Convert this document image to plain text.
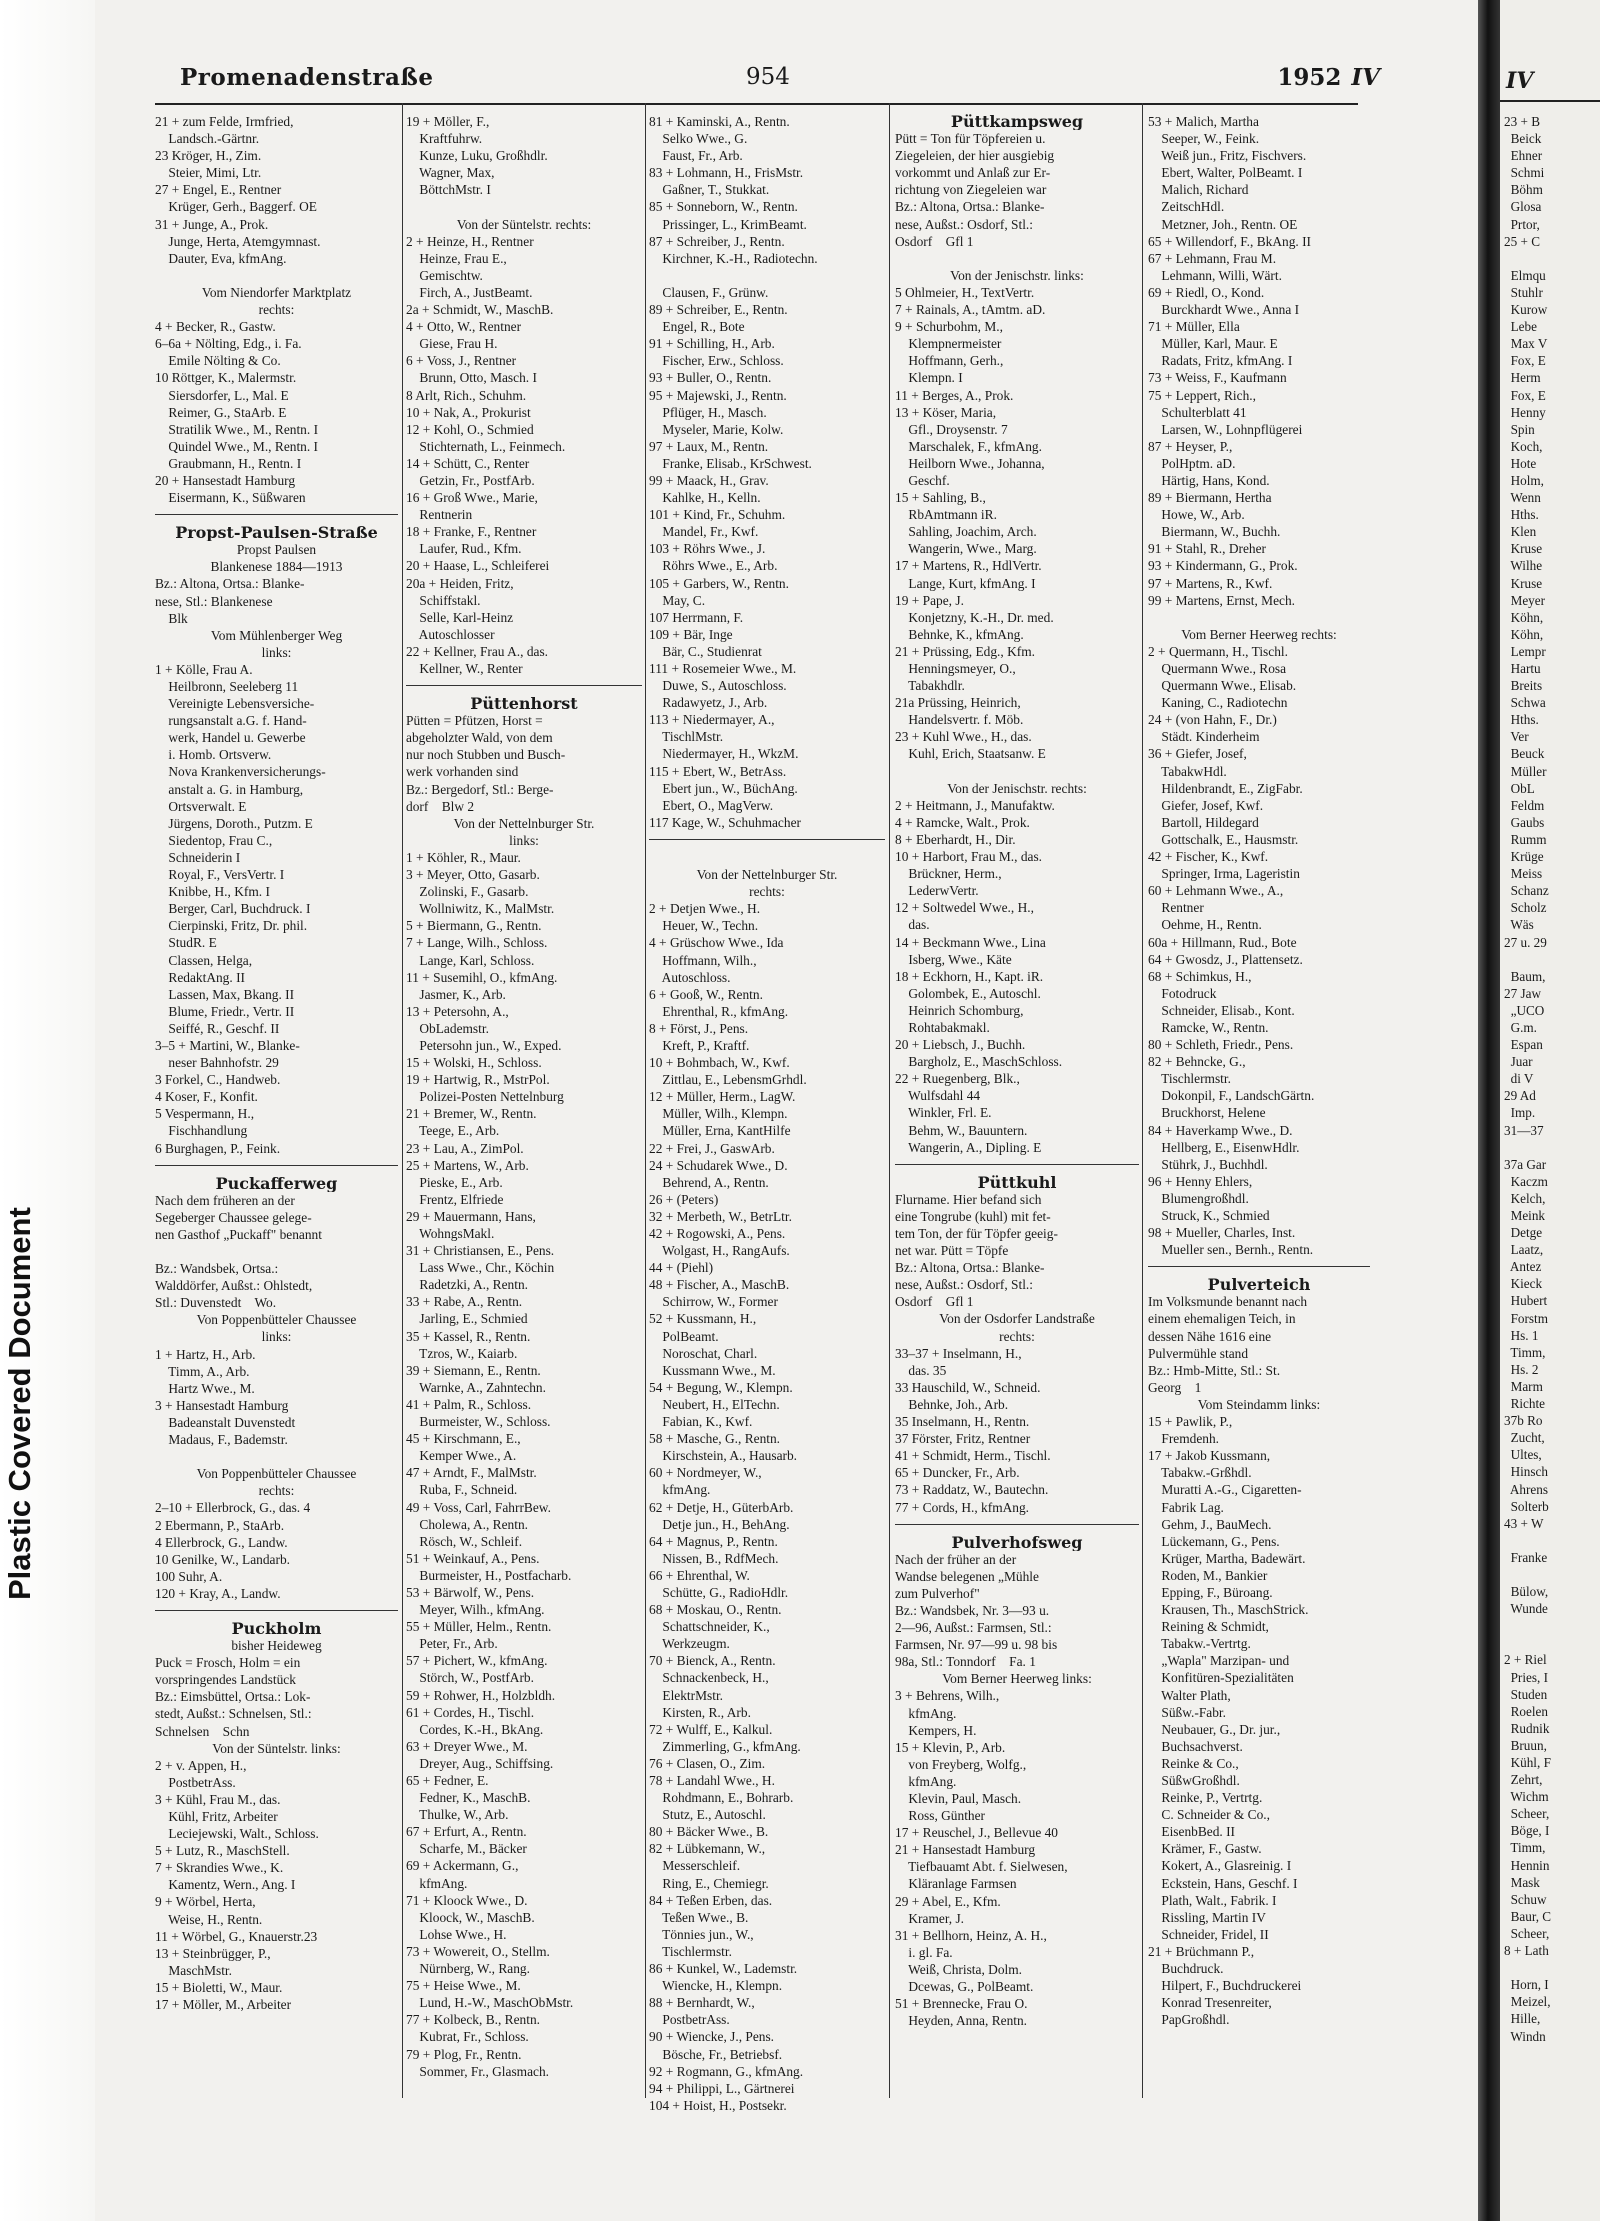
Plastic Covered Document
Promenadenstraße	954	1952 IV
21 + zum Felde, Irmfried,
Landsch.-Gärtnr.
23 Kröger, H., Zim.
Steier, Mimi, Ltr.
27 + Engel, E., Rentner
Krüger, Gerh., Baggerf. OE
31 + Junge, A., Prok.
Junge, Herta, Atemgymnast.
Dauter, Eva, kfmAng.
Vom Niendorfer Marktplatz
rechts:
4 + Becker, R., Gastw.
6–6a + Nölting, Edg., i. Fa.
Emile Nölting & Co.
10 Röttger, K., Malermstr.
Siersdorfer, L., Mal. E
Reimer, G., StaArb. E
Stratilik Wwe., M., Rentn. I
Quindel Wwe., M., Rentn. I
Graubmann, H., Rentn. I
20 + Hansestadt Hamburg
Eisermann, K., Süßwaren
Propst-Paulsen-Straße
Propst Paulsen
Blankenese 1884—1913
Bz.: Altona, Ortsa.: Blanke-
nese, Stl.: Blankenese
Blk
Vom Mühlenberger Weg
links:
1 + Kölle, Frau A.
Heilbronn, Seeleberg 11
Vereinigte Lebensversiche-
rungsanstalt a.G. f. Hand-
werk, Handel u. Gewerbe
i. Homb. Ortsverw.
Nova Krankenversicherungs-
anstalt a. G. in Hamburg,
Ortsverwalt. E
Jürgens, Doroth., Putzm. E
Siedentop, Frau C.,
Schneiderin I
Royal, F., VersVertr. I
Knibbe, H., Kfm. I
Berger, Carl, Buchdruck. I
Cierpinski, Fritz, Dr. phil.
StudR. E
Classen, Helga,
RedaktAng. II
Lassen, Max, Bkang. II
Blume, Friedr., Vertr. II
Seiffé, R., Geschf. II
3–5 + Martini, W., Blanke-
neser Bahnhofstr. 29
3 Forkel, C., Handweb.
4 Koser, F., Konfit.
5 Vespermann, H.,
Fischhandlung
6 Burghagen, P., Feink.
Puckafferweg
Nach dem früheren an der
Segeberger Chaussee gelege-
nen Gasthof „Puckaff" benannt
Bz.: Wandsbek, Ortsa.:
Walddörfer, Außst.: Ohlstedt,
Stl.: Duvenstedt    Wo.
Von Poppenbütteler Chaussee
links:
1 + Hartz, H., Arb.
Timm, A., Arb.
Hartz Wwe., M.
3 + Hansestadt Hamburg
Badeanstalt Duvenstedt
Madaus, F., Bademstr.
Von Poppenbütteler Chaussee
rechts:
2–10 + Ellerbrock, G., das. 4
2 Ebermann, P., StaArb.
4 Ellerbrock, G., Landw.
10 Genilke, W., Landarb.
100 Suhr, A.
120 + Kray, A., Landw.
Puckholm
bisher Heideweg
Puck = Frosch, Holm = ein
vorspringendes Landstück
Bz.: Eimsbüttel, Ortsa.: Lok-
stedt, Außst.: Schnelsen, Stl.:
Schnelsen    Schn
Von der Süntelstr. links:
2 + v. Appen, H.,
PostbetrAss.
3 + Kühl, Frau M., das.
Kühl, Fritz, Arbeiter
Leciejewski, Walt., Schloss.
5 + Lutz, R., MaschStell.
7 + Skrandies Wwe., K.
Kamentz, Wern., Ang. I
9 + Wörbel, Herta,
Weise, H., Rentn.
11 + Wörbel, G., Knauerstr.23
13 + Steinbrügger, P.,
MaschMstr.
15 + Bioletti, W., Maur.
17 + Möller, M., Arbeiter
19 + Möller, F.,
Kraftfuhrw.
Kunze, Luku, Großhdlr.
Wagner, Max,
BöttchMstr. I
Von der Süntelstr. rechts:
2 + Heinze, H., Rentner
Heinze, Frau E.,
Gemischtw.
Firch, A., JustBeamt.
2a + Schmidt, W., MaschB.
4 + Otto, W., Rentner
Giese, Frau H.
6 + Voss, J., Rentner
Brunn, Otto, Masch. I
8 Arlt, Rich., Schuhm.
10 + Nak, A., Prokurist
12 + Kohl, O., Schmied
Stichternath, L., Feinmech.
14 + Schütt, C., Renter
Getzin, Fr., PostfArb.
16 + Groß Wwe., Marie,
Rentnerin
18 + Franke, F., Rentner
Laufer, Rud., Kfm.
20 + Haase, L., Schleiferei
20a + Heiden, Fritz,
Schiffstakl.
Selle, Karl-Heinz
Autoschlosser
22 + Kellner, Frau A., das.
Kellner, W., Renter
Püttenhorst
Pütten = Pfützen, Horst =
abgeholzter Wald, von dem
nur noch Stubben und Busch-
werk vorhanden sind
Bz.: Bergedorf, Stl.: Berge-
dorf    Blw 2
Von der Nettelnburger Str.
links:
1 + Köhler, R., Maur.
3 + Meyer, Otto, Gasarb.
Zolinski, F., Gasarb.
Wollniwitz, K., MalMstr.
5 + Biermann, G., Rentn.
7 + Lange, Wilh., Schloss.
Lange, Karl, Schloss.
11 + Susemihl, O., kfmAng.
Jasmer, K., Arb.
13 + Petersohn, A.,
ObLademstr.
Petersohn jun., W., Exped.
15 + Wolski, H., Schloss.
19 + Hartwig, R., MstrPol.
Polizei-Posten Nettelnburg
21 + Bremer, W., Rentn.
Teege, E., Arb.
23 + Lau, A., ZimPol.
25 + Martens, W., Arb.
Pieske, E., Arb.
Frentz, Elfriede
29 + Mauermann, Hans,
WohngsMakl.
31 + Christiansen, E., Pens.
Lass Wwe., Chr., Köchin
Radetzki, A., Rentn.
33 + Rabe, A., Rentn.
Jarling, E., Schmied
35 + Kassel, R., Rentn.
Tzros, W., Kaiarb.
39 + Siemann, E., Rentn.
Warnke, A., Zahntechn.
41 + Palm, R., Schloss.
Burmeister, W., Schloss.
45 + Kirschmann, E.,
Kemper Wwe., A.
47 + Arndt, F., MalMstr.
Ruba, F., Schneid.
49 + Voss, Carl, FahrrBew.
Cholewa, A., Rentn.
Rösch, W., Schleif.
51 + Weinkauf, A., Pens.
Burmeister, H., Postfacharb.
53 + Bärwolf, W., Pens.
Meyer, Wilh., kfmAng.
55 + Müller, Helm., Rentn.
Peter, Fr., Arb.
57 + Pichert, W., kfmAng.
Störch, W., PostfArb.
59 + Rohwer, H., Holzbldh.
61 + Cordes, H., Tischl.
Cordes, K.-H., BkAng.
63 + Dreyer Wwe., M.
Dreyer, Aug., Schiffsing.
65 + Fedner, E.
Fedner, K., MaschB.
Thulke, W., Arb.
67 + Erfurt, A., Rentn.
Scharfe, M., Bäcker
69 + Ackermann, G.,
kfmAng.
71 + Kloock Wwe., D.
Kloock, W., MaschB.
Lohse Wwe., H.
73 + Wowereit, O., Stellm.
Nürnberg, W., Rang.
75 + Heise Wwe., M.
Lund, H.-W., MaschObMstr.
77 + Kolbeck, B., Rentn.
Kubrat, Fr., Schloss.
79 + Plog, Fr., Rentn.
Sommer, Fr., Glasmach.
81 + Kaminski, A., Rentn.
Selko Wwe., G.
Faust, Fr., Arb.
83 + Lohmann, H., FrisMstr.
Gaßner, T., Stukkat.
85 + Sonneborn, W., Rentn.
Prissinger, L., KrimBeamt.
87 + Schreiber, J., Rentn.
Kirchner, K.-H., Radiotechn.
Clausen, F., Grünw.
89 + Schreiber, E., Rentn.
Engel, R., Bote
91 + Schilling, H., Arb.
Fischer, Erw., Schloss.
93 + Buller, O., Rentn.
95 + Majewski, J., Rentn.
Pflüger, H., Masch.
Myseler, Marie, Kolw.
97 + Laux, M., Rentn.
Franke, Elisab., KrSchwest.
99 + Maack, H., Grav.
Kahlke, H., Kelln.
101 + Kind, Fr., Schuhm.
Mandel, Fr., Kwf.
103 + Röhrs Wwe., J.
Röhrs Wwe., E., Arb.
105 + Garbers, W., Rentn.
May, C.
107 Herrmann, F.
109 + Bär, Inge
Bär, C., Studienrat
111 + Rosemeier Wwe., M.
Duwe, S., Autoschloss.
Radawyetz, J., Arb.
113 + Niedermayer, A.,
TischlMstr.
Niedermayer, H., WkzM.
115 + Ebert, W., BetrAss.
Ebert jun., W., BüchAng.
Ebert, O., MagVerw.
117 Kage, W., Schuhmacher
Von der Nettelnburger Str.
rechts:
2 + Detjen Wwe., H.
Heuer, W., Techn.
4 + Grüschow Wwe., Ida
Hoffmann, Wilh.,
Autoschloss.
6 + Gooß, W., Rentn.
Ehrenthal, R., kfmAng.
8 + Först, J., Pens.
Kreft, P., Kraftf.
10 + Bohmbach, W., Kwf.
Zittlau, E., LebensmGrhdl.
12 + Müller, Herm., LagW.
Müller, Wilh., Klempn.
Müller, Erna, KantHilfe
22 + Frei, J., GaswArb.
24 + Schudarek Wwe., D.
Behrend, A., Rentn.
26 + (Peters)
32 + Merbeth, W., BetrLtr.
42 + Rogowski, A., Pens.
Wolgast, H., RangAufs.
44 + (Piehl)
48 + Fischer, A., MaschB.
Schirrow, W., Former
52 + Kussmann, H.,
PolBeamt.
Noroschat, Charl.
Kussmann Wwe., M.
54 + Begung, W., Klempn.
Neubert, H., ElTechn.
Fabian, K., Kwf.
58 + Masche, G., Rentn.
Kirschstein, A., Hausarb.
60 + Nordmeyer, W.,
kfmAng.
62 + Detje, H., GüterbArb.
Detje jun., H., BehAng.
64 + Magnus, P., Rentn.
Nissen, B., RdfMech.
66 + Ehrenthal, W.
Schütte, G., RadioHdlr.
68 + Moskau, O., Rentn.
Schattschneider, K.,
Werkzeugm.
70 + Bienck, A., Rentn.
Schnackenbeck, H.,
ElektrMstr.
Kirsten, R., Arb.
72 + Wulff, E., Kalkul.
Zimmerling, G., kfmAng.
76 + Clasen, O., Zim.
78 + Landahl Wwe., H.
Rohdmann, E., Bohrarb.
Stutz, E., Autoschl.
80 + Bäcker Wwe., B.
82 + Lübkemann, W.,
Messerschleif.
Ring, E., Chemiegr.
84 + Teßen Erben, das.
Teßen Wwe., B.
Tönnies jun., W.,
Tischlermstr.
86 + Kunkel, W., Lademstr.
Wiencke, H., Klempn.
88 + Bernhardt, W.,
PostbetrAss.
90 + Wiencke, J., Pens.
Bösche, Fr., Betriebsf.
92 + Rogmann, G., kfmAng.
94 + Philippi, L., Gärtnerei
104 + Hoist, H., Postsekr.
Püttkampsweg
Pütt = Ton für Töpfereien u.
Ziegeleien, der hier ausgiebig
vorkommt und Anlaß zur Er-
richtung von Ziegeleien war
Bz.: Altona, Ortsa.: Blanke-
nese, Außst.: Osdorf, Stl.:
Osdorf    Gfl 1
Von der Jenischstr. links:
5 Ohlmeier, H., TextVertr.
7 + Rainals, A., tAmtm. aD.
9 + Schurbohm, M.,
Klempnermeister
Hoffmann, Gerh.,
Klempn. I
11 + Berges, A., Prok.
13 + Köser, Maria,
Gfl., Droysenstr. 7
Marschalek, F., kfmAng.
Heilborn Wwe., Johanna,
Geschf.
15 + Sahling, B.,
RbAmtmann iR.
Sahling, Joachim, Arch.
Wangerin, Wwe., Marg.
17 + Martens, R., HdlVertr.
Lange, Kurt, kfmAng. I
19 + Pape, J.
Konjetzny, K.-H., Dr. med.
Behnke, K., kfmAng.
21 + Prüssing, Edg., Kfm.
Henningsmeyer, O.,
Tabakhdlr.
21a Prüssing, Heinrich,
Handelsvertr. f. Möb.
23 + Kuhl Wwe., H., das.
Kuhl, Erich, Staatsanw. E
Von der Jenischstr. rechts:
2 + Heitmann, J., Manufaktw.
4 + Ramcke, Walt., Prok.
8 + Eberhardt, H., Dir.
10 + Harbort, Frau M., das.
Brückner, Herm.,
LederwVertr.
12 + Soltwedel Wwe., H.,
das.
14 + Beckmann Wwe., Lina
Isberg, Wwe., Käte
18 + Eckhorn, H., Kapt. iR.
Golombek, E., Autoschl.
Heinrich Schomburg,
Rohtabakmakl.
20 + Liebsch, J., Buchh.
Bargholz, E., MaschSchloss.
22 + Ruegenberg, Blk.,
Wulfsdahl 44
Winkler, Frl. E.
Behm, W., Bauuntern.
Wangerin, A., Dipling. E
Püttkuhl
Flurname. Hier befand sich
eine Tongrube (kuhl) mit fet-
tem Ton, der für Töpfer geeig-
net war. Pütt = Töpfe
Bz.: Altona, Ortsa.: Blanke-
nese, Außst.: Osdorf, Stl.:
Osdorf    Gfl 1
Von der Osdorfer Landstraße
rechts:
33–37 + Inselmann, H.,
das. 35
33 Hauschild, W., Schneid.
Behnke, Joh., Arb.
35 Inselmann, H., Rentn.
37 Förster, Fritz, Rentner
41 + Schmidt, Herm., Tischl.
65 + Duncker, Fr., Arb.
73 + Raddatz, W., Bautechn.
77 + Cords, H., kfmAng.
Pulverhofsweg
Nach der früher an der
Wandse belegenen „Mühle
zum Pulverhof"
Bz.: Wandsbek, Nr. 3—93 u.
2—96, Außst.: Farmsen, Stl.:
Farmsen, Nr. 97—99 u. 98 bis
98a, Stl.: Tonndorf    Fa. 1
Vom Berner Heerweg links:
3 + Behrens, Wilh.,
kfmAng.
Kempers, H.
15 + Klevin, P., Arb.
von Freyberg, Wolfg.,
kfmAng.
Klevin, Paul, Masch.
Ross, Günther
17 + Reuschel, J., Bellevue 40
21 + Hansestadt Hamburg
Tiefbauamt Abt. f. Sielwesen,
Kläranlage Farmsen
29 + Abel, E., Kfm.
Kramer, J.
31 + Bellhorn, Heinz, A. H.,
i. gl. Fa.
Weiß, Christa, Dolm.
Dcewas, G., PolBeamt.
51 + Brennecke, Frau O.
Heyden, Anna, Rentn.
53 + Malich, Martha
Seeper, W., Feink.
Weiß jun., Fritz, Fischvers.
Ebert, Walter, PolBeamt. I
Malich, Richard
ZeitschHdl.
Metzner, Joh., Rentn. OE
65 + Willendorf, F., BkAng. II
67 + Lehmann, Frau M.
Lehmann, Willi, Wärt.
69 + Riedl, O., Kond.
Burckhardt Wwe., Anna I
71 + Müller, Ella
Müller, Karl, Maur. E
Radats, Fritz, kfmAng. I
73 + Weiss, F., Kaufmann
75 + Leppert, Rich.,
Schulterblatt 41
Larsen, W., Lohnpflügerei
87 + Heyser, P.,
PolHptm. aD.
Härtig, Hans, Kond.
89 + Biermann, Hertha
Howe, W., Arb.
Biermann, W., Buchh.
91 + Stahl, R., Dreher
93 + Kindermann, G., Prok.
97 + Martens, R., Kwf.
99 + Martens, Ernst, Mech.
Vom Berner Heerweg rechts:
2 + Quermann, H., Tischl.
Quermann Wwe., Rosa
Quermann Wwe., Elisab.
Kaning, C., Radiotechn
24 + (von Hahn, F., Dr.)
Städt. Kinderheim
36 + Giefer, Josef,
TabakwHdl.
Hildenbrandt, E., ZigFabr.
Giefer, Josef, Kwf.
Bartoll, Hildegard
Gottschalk, E., Hausmstr.
42 + Fischer, K., Kwf.
Springer, Irma, Lageristin
60 + Lehmann Wwe., A.,
Rentner
Oehme, H., Rentn.
60a + Hillmann, Rud., Bote
64 + Gwosdz, J., Plattensetz.
68 + Schimkus, H.,
Fotodruck
Schneider, Elisab., Kont.
Ramcke, W., Rentn.
80 + Schleth, Friedr., Pens.
82 + Behncke, G.,
Tischlermstr.
Dokonpil, F., LandschGärtn.
Bruckhorst, Helene
84 + Haverkamp Wwe., D.
Hellberg, E., EisenwHdlr.
Stührk, J., Buchhdl.
96 + Henny Ehlers,
Blumengroßhdl.
Struck, K., Schmied
98 + Mueller, Charles, Inst.
Mueller sen., Bernh., Rentn.
Pulverteich
Im Volksmunde benannt nach
einem ehemaligen Teich, in
dessen Nähe 1616 eine
Pulvermühle stand
Bz.: Hmb-Mitte, Stl.: St.
Georg    1
Vom Steindamm links:
15 + Pawlik, P.,
Fremdenh.
17 + Jakob Kussmann,
Tabakw.-Grßhdl.
Muratti A.-G., Cigaretten-
Fabrik Lag.
Gehm, J., BauMech.
Lückemann, G., Pens.
Krüger, Martha, Badewärt.
Roden, M., Bankier
Epping, F., Büroang.
Krausen, Th., MaschStrick.
Reining & Schmidt,
Tabakw.-Vertrtg.
„Wapla" Marzipan- und
Konfitüren-Spezialitäten
Walter Plath,
Süßw.-Fabr.
Neubauer, G., Dr. jur.,
Buchsachverst.
Reinke & Co.,
SüßwGroßhdl.
Reinke, P., Vertrtg.
C. Schneider & Co.,
EisenbBed. II
Krämer, F., Gastw.
Kokert, A., Glasreinig. I
Eckstein, Hans, Geschf. I
Plath, Walt., Fabrik. I
Rissling, Martin IV
Schneider, Fridel, II
21 + Brüchmann P.,
Buchdruck.
Hilpert, F., Buchdruckerei
Konrad Tresenreiter,
PapGroßhdl.
IV
23 + B
Beick
Ehner
Schmi
Böhm
Glosa
Prtor,
25 + C
Elmqu
Stuhlr
Kurow
Lebe
Max V
Fox, E
Herm
Fox, E
Henny
Spin
Koch,
Hote
Holm,
Wenn
Hths.
Klen
Kruse
Wilhe
Kruse
Meyer
Köhn,
Köhn,
Lempr
Hartu
Breits
Schwa
Hths.
Ver
Beuck
Müller
ObL
Feldm
Gaubs
Rumm
Krüge
Meiss
Schanz
Scholz
Wäs
27 u. 29
Baum,
27 Jaw
„UCO
G.m.
Espan
Juar
di V
29 Ad
Imp.
31—37
37a Gar
Kaczm
Kelch,
Meink
Detge
Laatz,
Antez
Kieck
Hubert
Forstm
Hs. 1
Timm,
Hs. 2
Marm
Richte
37b Ro
Zucht,
Ultes,
Hinsch
Ahrens
Solterb
43 + W
Franke
Bülow,
Wunde
2 + Riel
Pries, I
Studen
Roelen
Rudnik
Bruun,
Kühl, F
Zehrt,
Wichm
Scheer,
Böge, I
Timm,
Hennin
Mask
Schuw
Baur, C
Scheer,
8 + Lath
Horn, I
Meizel,
Hille,
Windn
